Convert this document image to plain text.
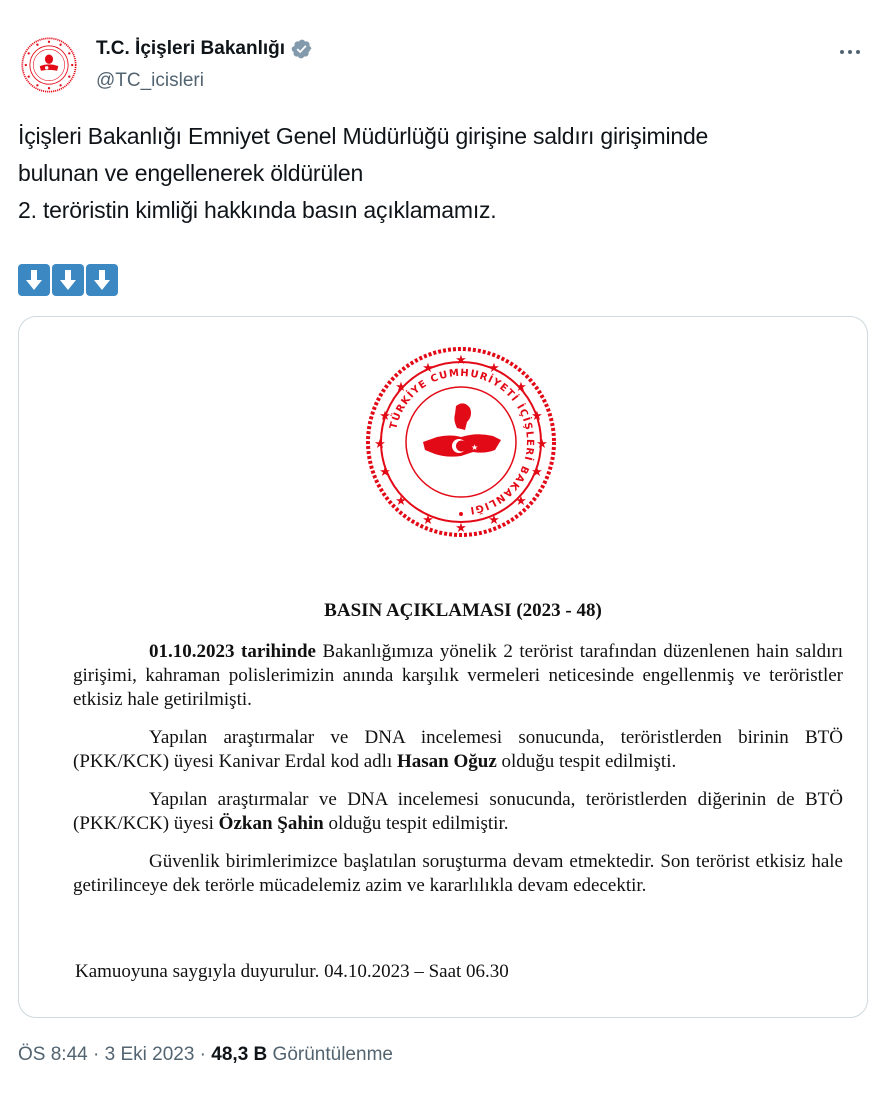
T.C. İçişleri Bakanlığı
@TC_icisleri
İçişleri Bakanlığı Emniyet Genel Müdürlüğü girişine saldırı girişiminde
bulunan ve engellenerek öldürülen
2. teröristin kimliği hakkında basın açıklamamız.
★
★
★
★
★
★
★
★
★
★
★
★
★
★
★
★
TÜRKİYE CUMHURİYETİ İÇİŞLERİ BAKANLIĞI
★
BASIN AÇIKLAMASI (2023 - 48)

01.10.2023 tarihinde Bakanlığımıza yönelik 2 terörist tarafından düzenlenen hain saldırı girişimi, kahraman polislerimizin anında karşılık vermeleri neticesinde engellenmiş ve teröristler etkisiz hale getirilmişti.

Yapılan araştırmalar ve DNA incelemesi sonucunda, teröristlerden birinin BTÖ (PKK/KCK) üyesi Kanivar Erdal kod adlı Hasan Oğuz olduğu tespit edilmişti.

Yapılan araştırmalar ve DNA incelemesi sonucunda, teröristlerden diğerinin de BTÖ (PKK/KCK) üyesi Özkan Şahin olduğu tespit edilmiştir.

Güvenlik birimlerimizce başlatılan soruşturma devam etmektedir. Son terörist etkisiz hale getirilinceye dek terörle mücadelemiz azim ve kararlılıkla devam edecektir.

Kamuoyuna saygıyla duyurulur. 04.10.2023 – Saat 06.30

ÖS 8:44 · 3 Eki 2023 · 48,3 B Görüntülenme
